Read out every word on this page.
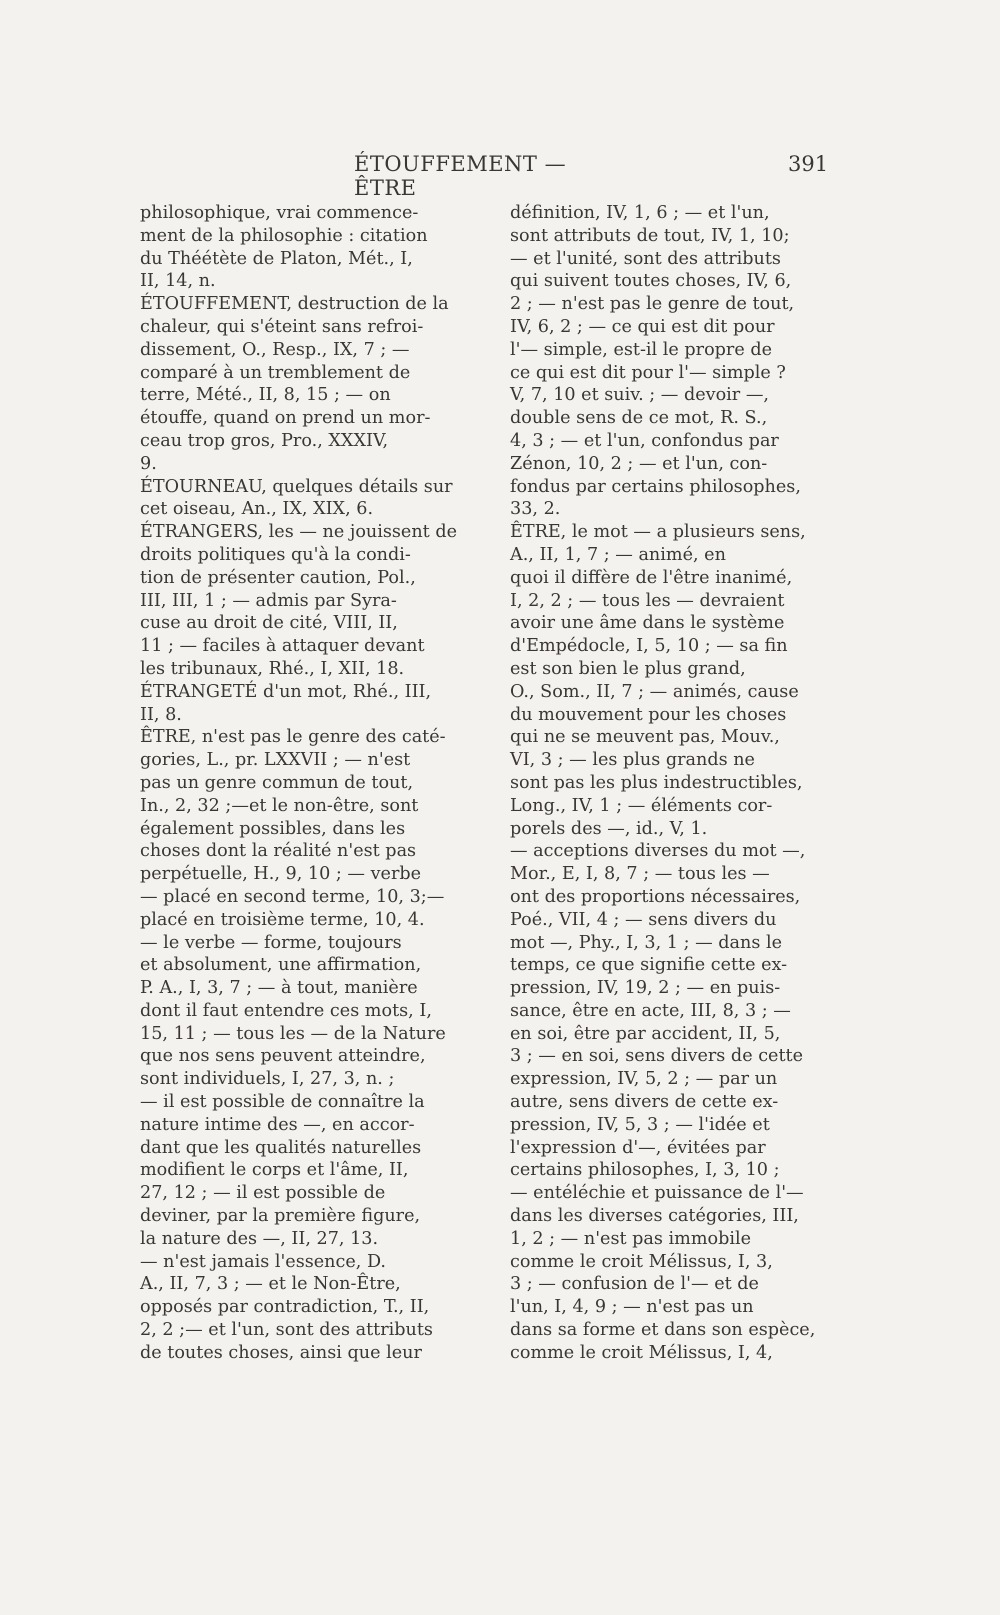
ÉTOUFFEMENT — ÊTRE
391
philosophique, vrai commence-
ment de la philosophie : citation
du Théétète de Platon, Mét., I,
II, 14, n.
ÉTOUFFEMENT, destruction de la
chaleur, qui s'éteint sans refroi-
dissement, O., Resp., IX, 7 ; —
comparé à un tremblement de
terre, Mété., II, 8, 15 ; — on
étouffe, quand on prend un mor-
ceau trop gros, Pro., XXXIV,
9.
ÉTOURNEAU, quelques détails sur
cet oiseau, An., IX, XIX, 6.
ÉTRANGERS, les — ne jouissent de
droits politiques qu'à la condi-
tion de présenter caution, Pol.,
III, III, 1 ; — admis par Syra-
cuse au droit de cité, VIII, II,
11 ; — faciles à attaquer devant
les tribunaux, Rhé., I, XII, 18.
ÉTRANGETÉ d'un mot, Rhé., III,
II, 8.
ÊTRE, n'est pas le genre des caté-
gories, L., pr. LXXVII ; — n'est
pas un genre commun de tout,
In., 2, 32 ;—et le non-être, sont
également possibles, dans les
choses dont la réalité n'est pas
perpétuelle, H., 9, 10 ; — verbe
— placé en second terme, 10, 3;—
placé en troisième terme, 10, 4.
— le verbe — forme, toujours
et absolument, une affirmation,
P. A., I, 3, 7 ; — à tout, manière
dont il faut entendre ces mots, I,
15, 11 ; — tous les — de la Nature
que nos sens peuvent atteindre,
sont individuels, I, 27, 3, n. ;
— il est possible de connaître la
nature intime des —, en accor-
dant que les qualités naturelles
modifient le corps et l'âme, II,
27, 12 ; — il est possible de
deviner, par la première figure,
la nature des —, II, 27, 13.
— n'est jamais l'essence, D.
A., II, 7, 3 ; — et le Non-Être,
opposés par contradiction, T., II,
2, 2 ;— et l'un, sont des attributs
de toutes choses, ainsi que leur
définition, IV, 1, 6 ; — et l'un,
sont attributs de tout, IV, 1, 10;
— et l'unité, sont des attributs
qui suivent toutes choses, IV, 6,
2 ; — n'est pas le genre de tout,
IV, 6, 2 ; — ce qui est dit pour
l'— simple, est-il le propre de
ce qui est dit pour l'— simple ?
V, 7, 10 et suiv. ; — devoir —,
double sens de ce mot, R. S.,
4, 3 ; — et l'un, confondus par
Zénon, 10, 2 ; — et l'un, con-
fondus par certains philosophes,
33, 2.
ÊTRE, le mot — a plusieurs sens,
A., II, 1, 7 ; — animé, en
quoi il diffère de l'être inanimé,
I, 2, 2 ; — tous les — devraient
avoir une âme dans le système
d'Empédocle, I, 5, 10 ; — sa fin
est son bien le plus grand,
O., Som., II, 7 ; — animés, cause
du mouvement pour les choses
qui ne se meuvent pas, Mouv.,
VI, 3 ; — les plus grands ne
sont pas les plus indestructibles,
Long., IV, 1 ; — éléments cor-
porels des —, id., V, 1.
— acceptions diverses du mot —,
Mor., E, I, 8, 7 ; — tous les —
ont des proportions nécessaires,
Poé., VII, 4 ; — sens divers du
mot —, Phy., I, 3, 1 ; — dans le
temps, ce que signifie cette ex-
pression, IV, 19, 2 ; — en puis-
sance, être en acte, III, 8, 3 ; —
en soi, être par accident, II, 5,
3 ; — en soi, sens divers de cette
expression, IV, 5, 2 ; — par un
autre, sens divers de cette ex-
pression, IV, 5, 3 ; — l'idée et
l'expression d'—, évitées par
certains philosophes, I, 3, 10 ;
— entéléchie et puissance de l'—
dans les diverses catégories, III,
1, 2 ; — n'est pas immobile
comme le croit Mélissus, I, 3,
3 ; — confusion de l'— et de
l'un, I, 4, 9 ; — n'est pas un
dans sa forme et dans son espèce,
comme le croit Mélissus, I, 4,
